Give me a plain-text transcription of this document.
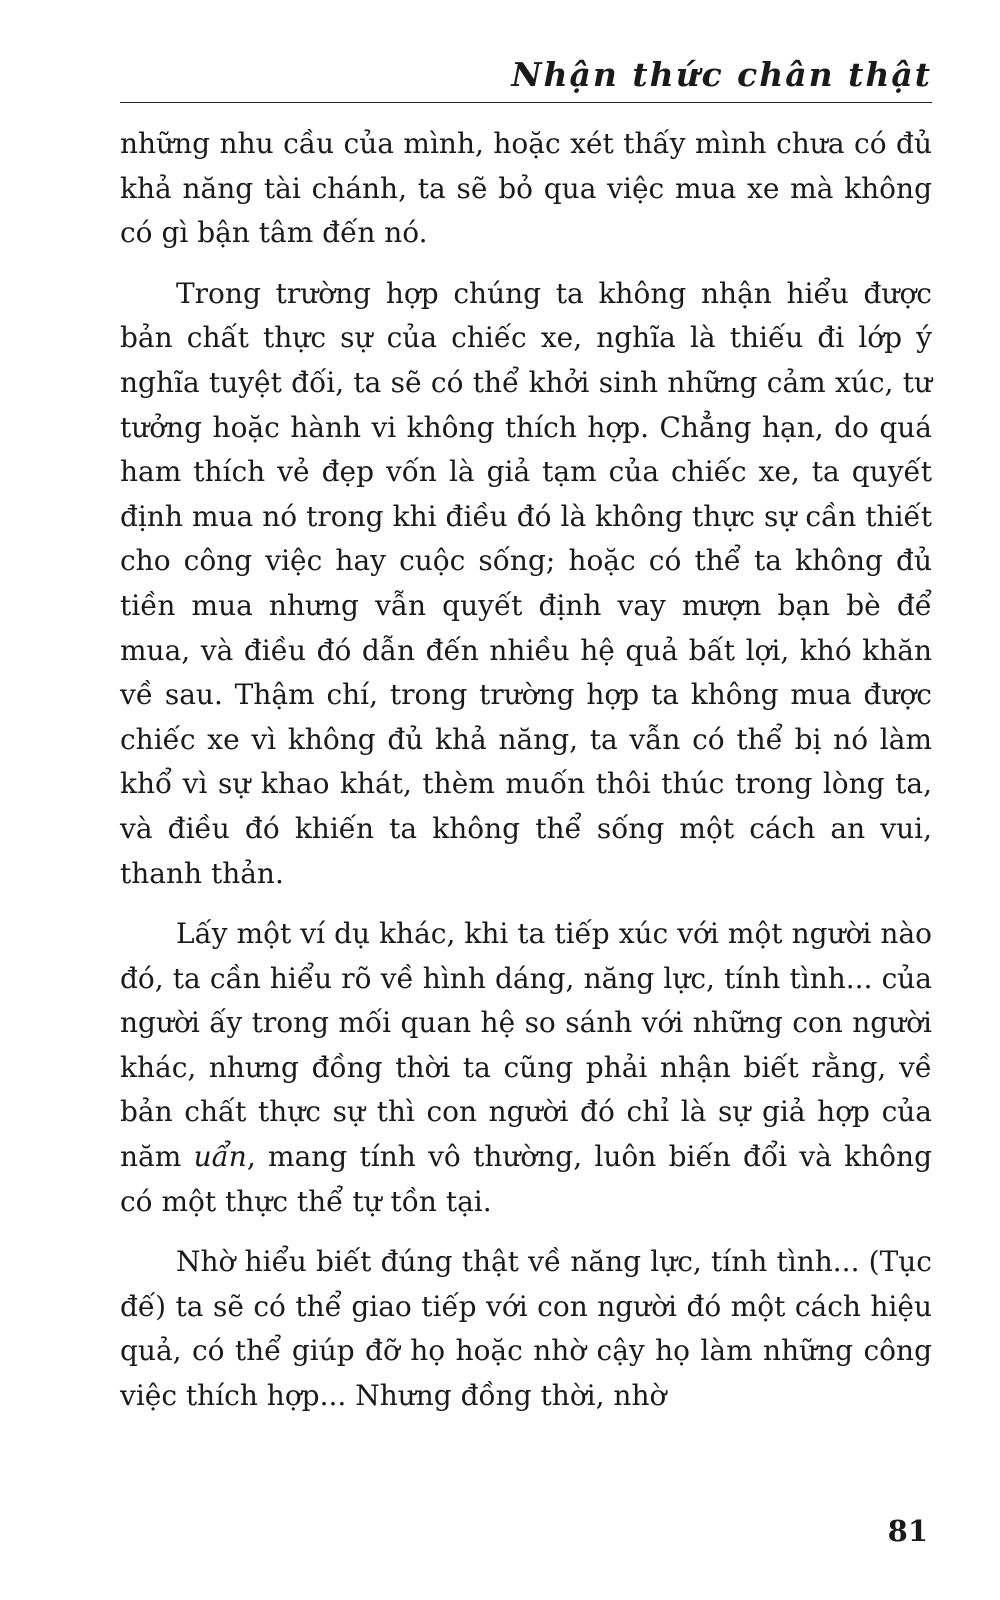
Nhận thức chân thật

những nhu cầu của mình, hoặc xét thấy mình chưa có đủ khả năng tài chánh, ta sẽ bỏ qua việc mua xe mà không có gì bận tâm đến nó.

Trong trường hợp chúng ta không nhận hiểu được bản chất thực sự của chiếc xe, nghĩa là thiếu đi lớp ý nghĩa tuyệt đối, ta sẽ có thể khởi sinh những cảm xúc, tư tưởng hoặc hành vi không thích hợp. Chẳng hạn, do quá ham thích vẻ đẹp vốn là giả tạm của chiếc xe, ta quyết định mua nó trong khi điều đó là không thực sự cần thiết cho công việc hay cuộc sống; hoặc có thể ta không đủ tiền mua nhưng vẫn quyết định vay mượn bạn bè để mua, và điều đó dẫn đến nhiều hệ quả bất lợi, khó khăn về sau. Thậm chí, trong trường hợp ta không mua được chiếc xe vì không đủ khả năng, ta vẫn có thể bị nó làm khổ vì sự khao khát, thèm muốn thôi thúc trong lòng ta, và điều đó khiến ta không thể sống một cách an vui, thanh thản.

Lấy một ví dụ khác, khi ta tiếp xúc với một người nào đó, ta cần hiểu rõ về hình dáng, năng lực, tính tình... của người ấy trong mối quan hệ so sánh với những con người khác, nhưng đồng thời ta cũng phải nhận biết rằng, về bản chất thực sự thì con người đó chỉ là sự giả hợp của năm uẩn, mang tính vô thường, luôn biến đổi và không có một thực thể tự tồn tại.

Nhờ hiểu biết đúng thật về năng lực, tính tình... (Tục đế) ta sẽ có thể giao tiếp với con người đó một cách hiệu quả, có thể giúp đỡ họ hoặc nhờ cậy họ làm những công việc thích hợp... Nhưng đồng thời, nhờ

81
